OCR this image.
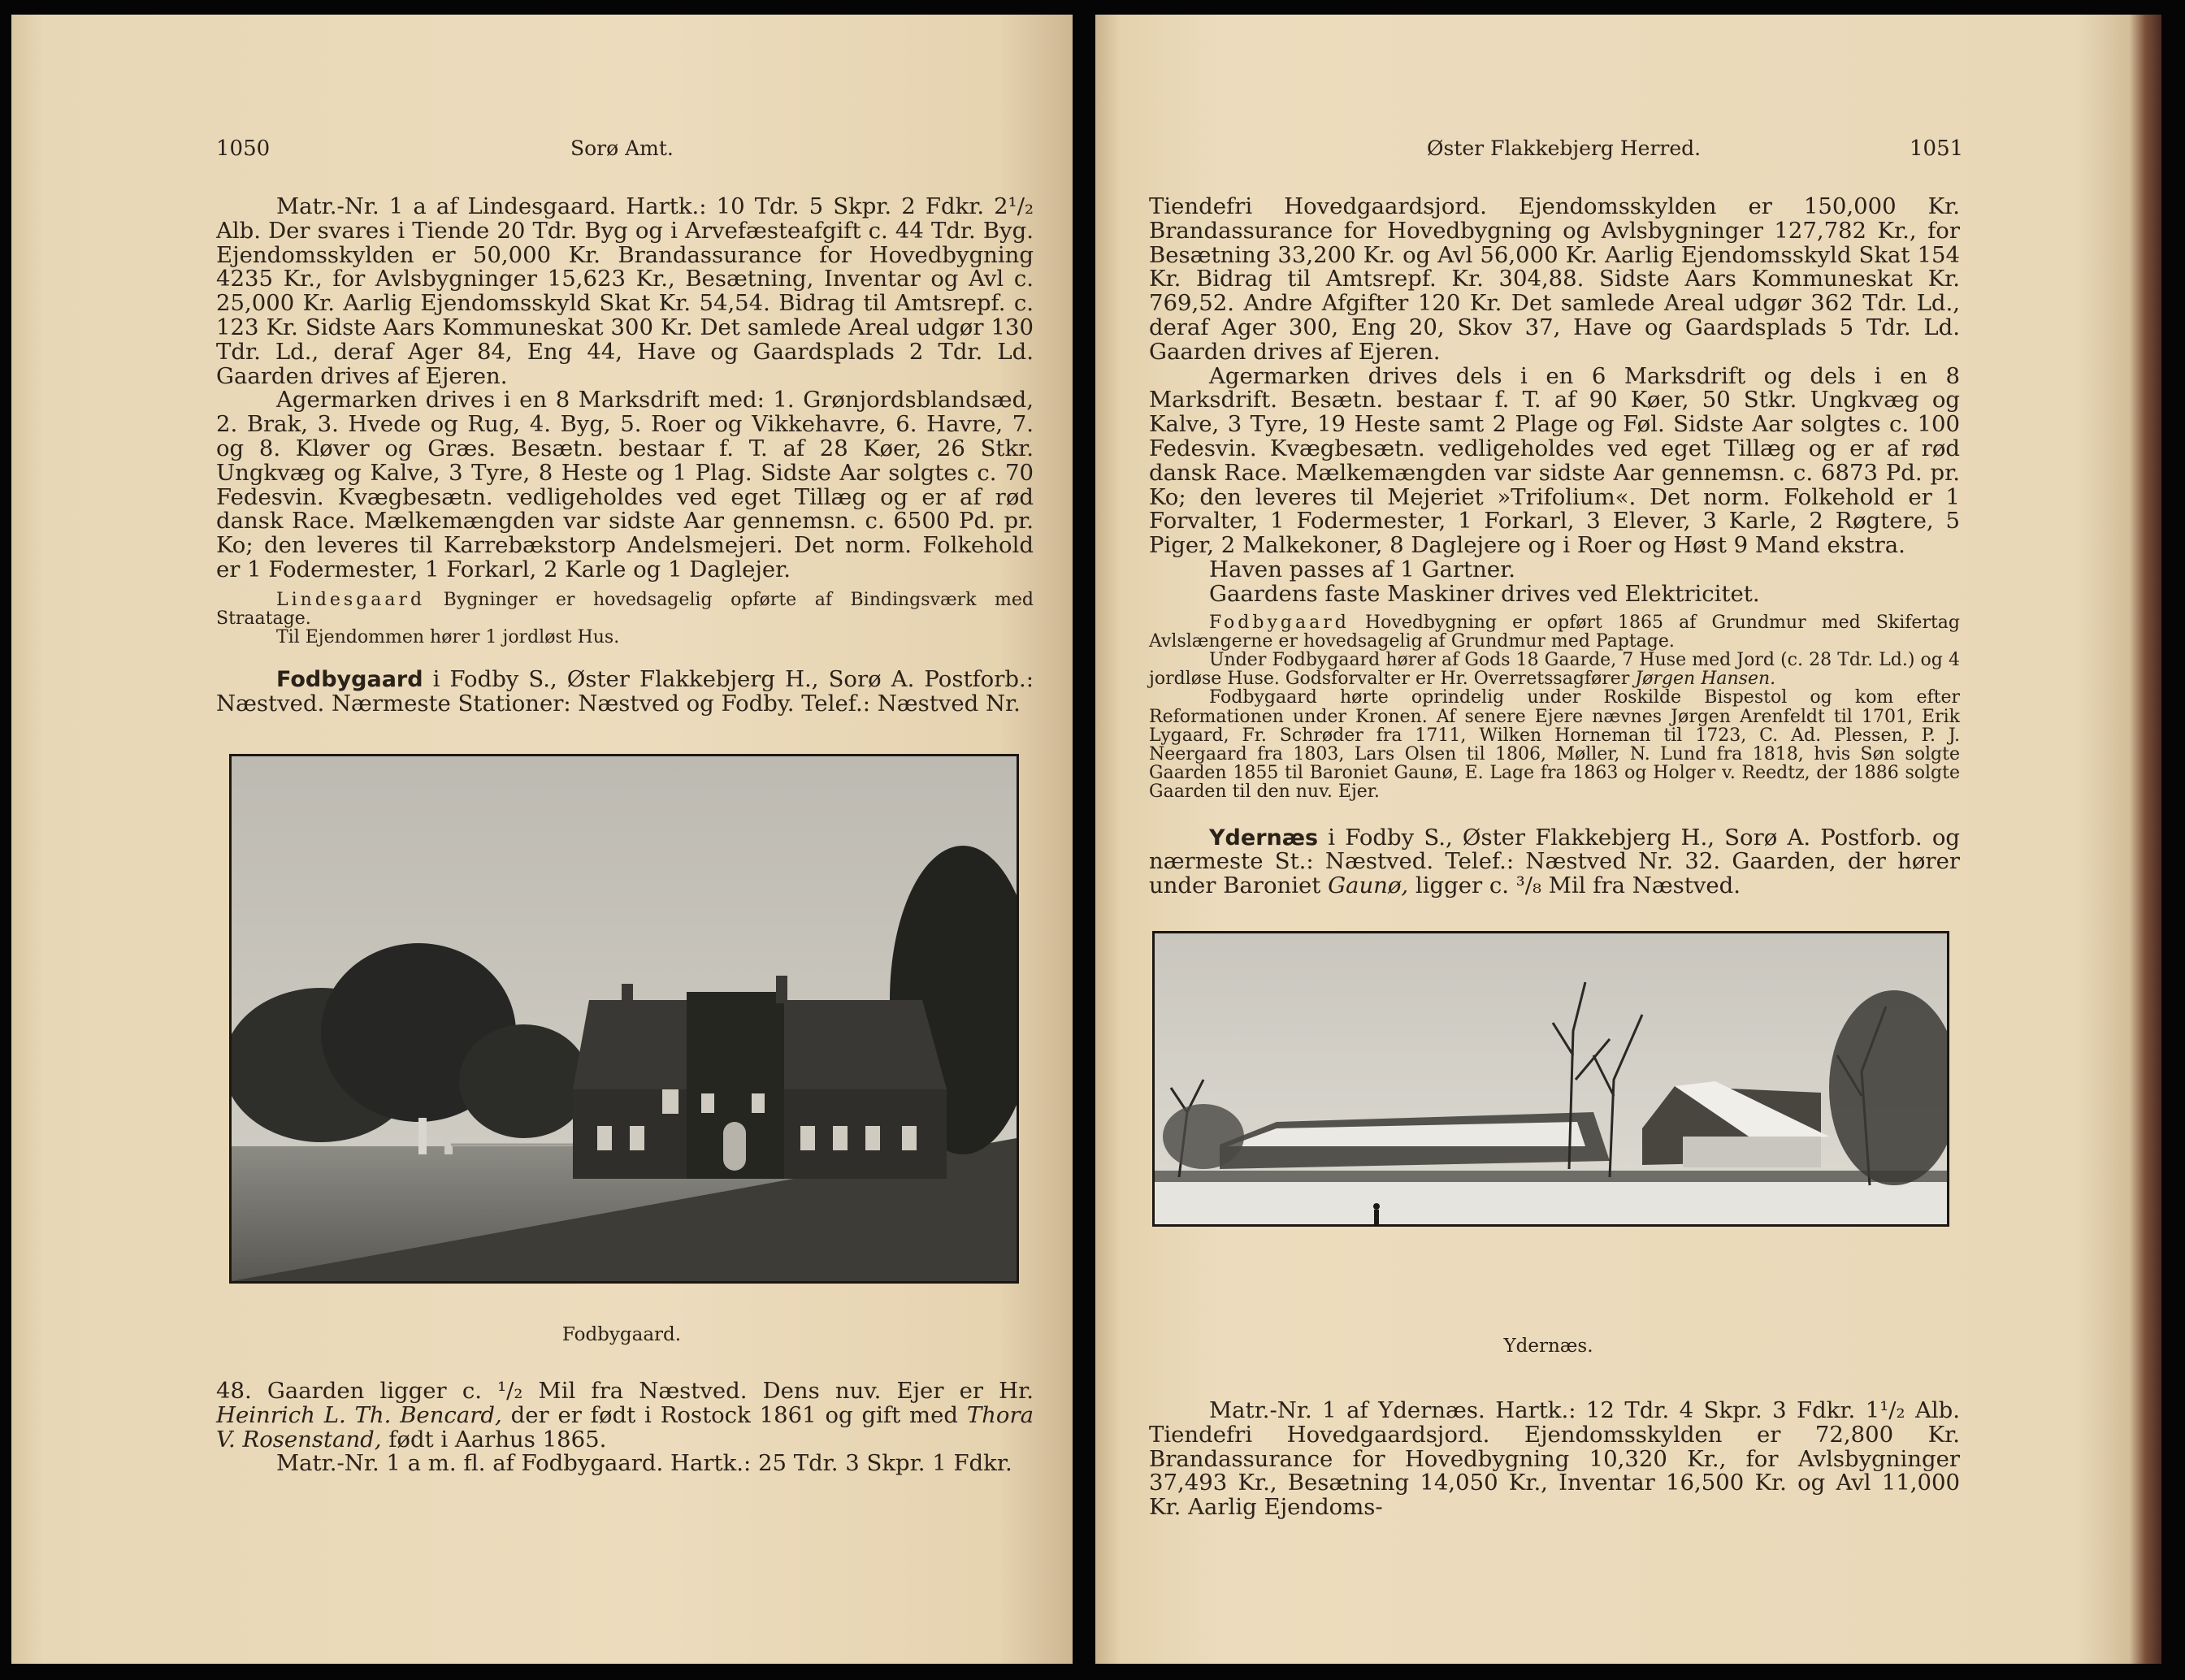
1050	Sorø Amt.

Matr.-Nr. 1 a af Lindesgaard. Hartk.: 10 Tdr. 5 Skpr. 2 Fdkr. 2¹/₂ Alb. Der svares i Tiende 20 Tdr. Byg og i Arvefæsteafgift c. 44 Tdr. Byg. Ejendomsskylden er 50,000 Kr. Brandassurance for Hovedbygning 4235 Kr., for Avlsbygninger 15,623 Kr., Besætning, Inventar og Avl c. 25,000 Kr. Aarlig Ejendomsskyld Skat Kr. 54,54. Bidrag til Amtsrepf. c. 123 Kr. Sidste Aars Kommuneskat 300 Kr. Det samlede Areal udgør 130 Tdr. Ld., deraf Ager 84, Eng 44, Have og Gaardsplads 2 Tdr. Ld. Gaarden drives af Ejeren.

Agermarken drives i en 8 Marksdrift med: 1. Grønjordsblandsæd, 2. Brak, 3. Hvede og Rug, 4. Byg, 5. Roer og Vikkehavre, 6. Havre, 7. og 8. Kløver og Græs. Besætn. bestaar f. T. af 28 Køer, 26 Stkr. Ungkvæg og Kalve, 3 Tyre, 8 Heste og 1 Plag. Sidste Aar solgtes c. 70 Fedesvin. Kvægbesætn. vedligeholdes ved eget Tillæg og er af rød dansk Race. Mælkemængden var sidste Aar gennemsn. c. 6500 Pd. pr. Ko; den leveres til Karrebækstorp Andelsmejeri. Det norm. Folkehold er 1 Fodermester, 1 Forkarl, 2 Karle og 1 Daglejer.

Lindesgaard Bygninger er hovedsagelig opførte af Bindingsværk med Straatage.

Til Ejendommen hører 1 jordløst Hus.

Fodbygaard i Fodby S., Øster Flakkebjerg H., Sorø A. Postforb.: Næstved. Nærmeste Stationer: Næstved og Fodby. Telef.: Næstved Nr.

Fodbygaard.

48. Gaarden ligger c. ¹/₂ Mil fra Næstved. Dens nuv. Ejer er Hr. Heinrich L. Th. Bencard, der er født i Rostock 1861 og gift med Thora V. Rosenstand, født i Aarhus 1865.

Matr.-Nr. 1 a m. fl. af Fodbygaard. Hartk.: 25 Tdr. 3 Skpr. 1 Fdkr.

Øster Flakkebjerg Herred.	1051

Tiendefri Hovedgaardsjord. Ejendomsskylden er 150,000 Kr. Brandassurance for Hovedbygning og Avlsbygninger 127,782 Kr., for Besætning 33,200 Kr. og Avl 56,000 Kr. Aarlig Ejendomsskyld Skat 154 Kr. Bidrag til Amtsrepf. Kr. 304,88. Sidste Aars Kommuneskat Kr. 769,52. Andre Afgifter 120 Kr. Det samlede Areal udgør 362 Tdr. Ld., deraf Ager 300, Eng 20, Skov 37, Have og Gaardsplads 5 Tdr. Ld. Gaarden drives af Ejeren.

Agermarken drives dels i en 6 Marksdrift og dels i en 8 Marksdrift. Besætn. bestaar f. T. af 90 Køer, 50 Stkr. Ungkvæg og Kalve, 3 Tyre, 19 Heste samt 2 Plage og Føl. Sidste Aar solgtes c. 100 Fedesvin. Kvægbesætn. vedligeholdes ved eget Tillæg og er af rød dansk Race. Mælkemængden var sidste Aar gennemsn. c. 6873 Pd. pr. Ko; den leveres til Mejeriet »Trifolium«. Det norm. Folkehold er 1 Forvalter, 1 Fodermester, 1 Forkarl, 3 Elever, 3 Karle, 2 Røgtere, 5 Piger, 2 Malkekoner, 8 Daglejere og i Roer og Høst 9 Mand ekstra.

Haven passes af 1 Gartner.

Gaardens faste Maskiner drives ved Elektricitet.

Fodbygaard Hovedbygning er opført 1865 af Grundmur med Skifertag Avlslængerne er hovedsagelig af Grundmur med Paptage.

Under Fodbygaard hører af Gods 18 Gaarde, 7 Huse med Jord (c. 28 Tdr. Ld.) og 4 jordløse Huse. Godsforvalter er Hr. Overretssagfører Jørgen Hansen.

Fodbygaard hørte oprindelig under Roskilde Bispestol og kom efter Reformationen under Kronen. Af senere Ejere nævnes Jørgen Arenfeldt til 1701, Erik Lygaard, Fr. Schrøder fra 1711, Wilken Horneman til 1723, C. Ad. Plessen, P. J. Neergaard fra 1803, Lars Olsen til 1806, Møller, N. Lund fra 1818, hvis Søn solgte Gaarden 1855 til Baroniet Gaunø, E. Lage fra 1863 og Holger v. Reedtz, der 1886 solgte Gaarden til den nuv. Ejer.

Ydernæs i Fodby S., Øster Flakkebjerg H., Sorø A. Postforb. og nærmeste St.: Næstved. Telef.: Næstved Nr. 32. Gaarden, der hører under Baroniet Gaunø, ligger c. ³/₈ Mil fra Næstved.

Ydernæs.

Matr.-Nr. 1 af Ydernæs. Hartk.: 12 Tdr. 4 Skpr. 3 Fdkr. 1¹/₂ Alb. Tiendefri Hovedgaardsjord. Ejendomsskylden er 72,800 Kr. Brandassurance for Hovedbygning 10,320 Kr., for Avlsbygninger 37,493 Kr., Besætning 14,050 Kr., Inventar 16,500 Kr. og Avl 11,000 Kr. Aarlig Ejendoms-
